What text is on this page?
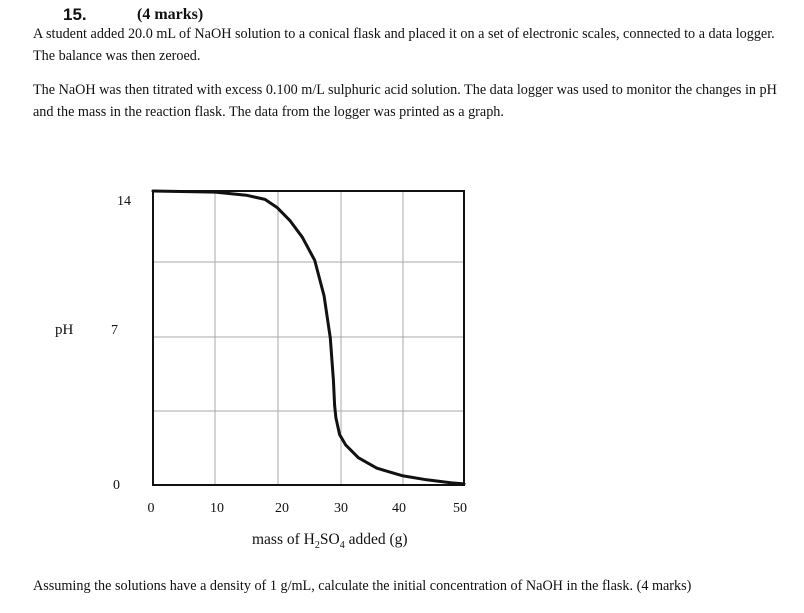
15.	(4 marks)
A student added 20.0 mL of NaOH solution to a conical flask and placed it on a set of electronic scales, connected to a data logger. The balance was then zeroed.
The NaOH was then titrated with excess 0.100 m/L sulphuric acid solution. The data logger was used to monitor the changes in pH and the mass in the reaction flask. The data from the logger was printed as a graph.
14
7
0
pH
0	10	20	30	40	50
mass of $H_2SO_4$ added (g)
Assuming the solutions have a density of 1 g/mL, calculate the initial concentration of NaOH in the flask. (4 marks)
